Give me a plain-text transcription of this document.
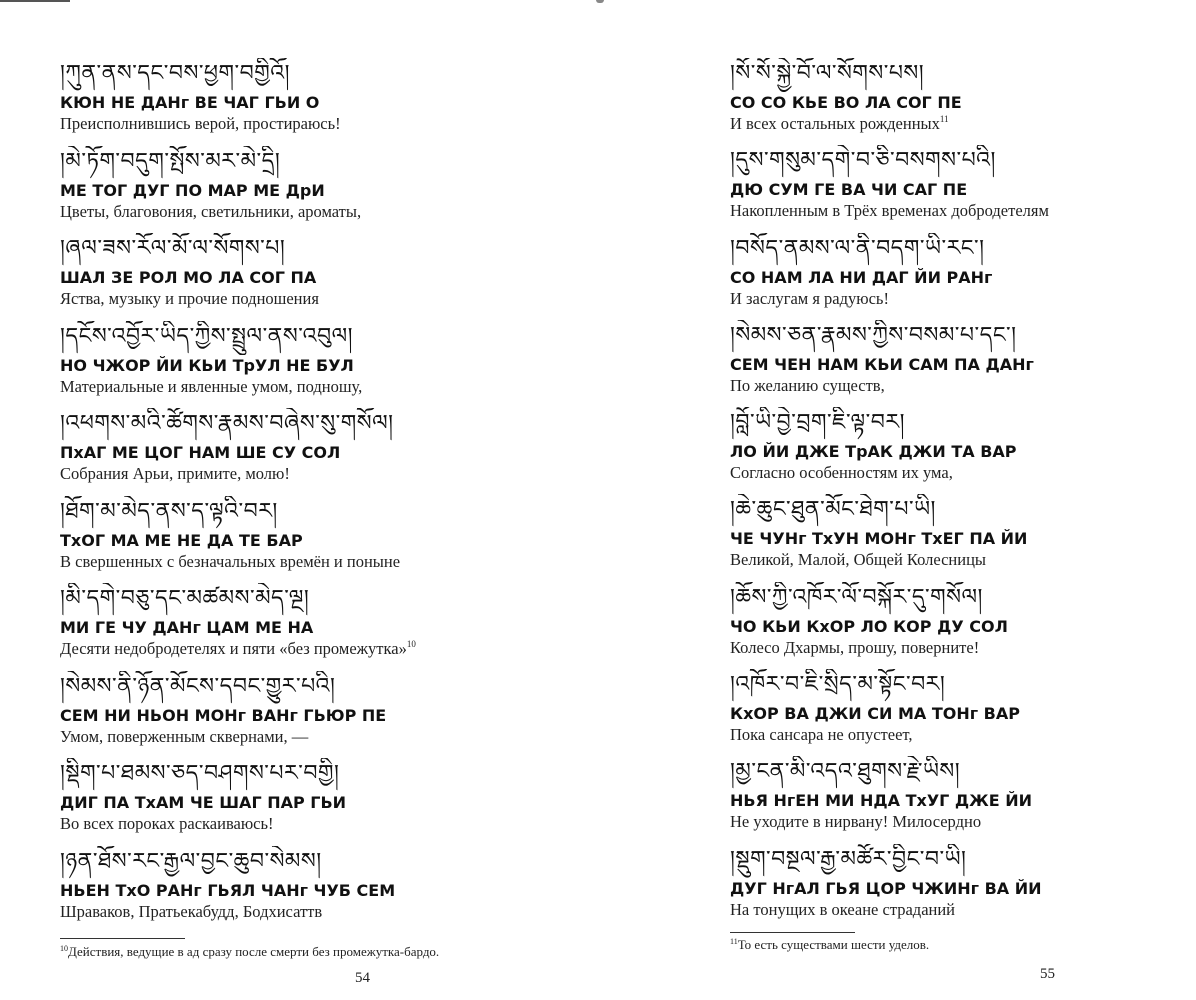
།ཀུན་ནས་དང་བས་ཕྱག་བགྱིའོ།
КЮН НЕ ДАНг ВЕ ЧАГ ГЬИ О
Преисполнившись верой, простираюсь!
།མེ་ཏོག་བདུག་སྤོས་མར་མེ་དྲི།
МЕ ТОГ ДУГ ПО МАР МЕ ДрИ
Цветы, благовония, светильники, ароматы,
།ཞལ་ཟས་རོལ་མོ་ལ་སོགས་པ།
ШАЛ ЗЕ РОЛ МО ЛА СОГ ПА
Яства, музыку и прочие подношения
།དངོས་འབྱོར་ཡིད་ཀྱིས་སྤྲུལ་ནས་འབུལ།
НО ЧЖОР ЙИ КЬИ ТрУЛ НЕ БУЛ
Материальные и явленные умом, подношу,
།འཕགས་མའི་ཚོགས་རྣམས་བཞེས་སུ་གསོལ།
ПхАГ МЕ ЦОГ НАМ ШЕ СУ СОЛ
Собрания Арьи, примите, молю!
།ཐོག་མ་མེད་ནས་ད་ལྟའི་བར།
ТхОГ МА МЕ НЕ ДА ТЕ БАР
В свершенных с безначальных времён и поныне
།མི་དགེ་བཅུ་དང་མཚམས་མེད་ལྔ།
МИ ГЕ ЧУ ДАНг ЦАМ МЕ НА
Десяти недобродетелях и пяти «без промежутка»$^{10}$
།སེམས་ནི་ཉོན་མོངས་དབང་གྱུར་པའི།
СЕМ НИ НЬОН МОНг ВАНг ГЬЮР ПЕ
Умом, поверженным сквернами, —
།སྡིག་པ་ཐམས་ཅད་བཤགས་པར་བགྱི།
ДИГ ПА ТхАМ ЧЕ ШАГ ПАР ГЬИ
Во всех пороках раскаиваюсь!
།ཉན་ཐོས་རང་རྒྱལ་བྱང་ཆུབ་སེམས།
НЬЕН ТхО РАНг ГЬЯЛ ЧАНг ЧУБ СЕМ
Шраваков, Пратьекабудд, Бодхисаттв
།སོ་སོ་སྐྱེ་བོ་ལ་སོགས་པས།
СО СО КЬЕ ВО ЛА СОГ ПЕ
И всех остальных рожденных$^{11}$
།དུས་གསུམ་དགེ་བ་ཅི་བསགས་པའི།
ДЮ СУМ ГЕ ВА ЧИ САГ ПЕ
Накопленным в Трёх временах добродетелям
།བསོད་ནམས་ལ་ནི་བདག་ཡི་རང་།
СО НАМ ЛА НИ ДАГ ЙИ РАНг
И заслугам я радуюсь!
།སེམས་ཅན་རྣམས་ཀྱིས་བསམ་པ་དང་།
СЕМ ЧЕН НАМ КЬИ САМ ПА ДАНг
По желанию существ,
།བློ་ཡི་བྱེ་བྲག་ཇི་ལྟ་བར།
ЛО ЙИ ДЖЕ ТрАК ДЖИ ТА ВАР
Согласно особенностям их ума,
།ཆེ་ཆུང་ཐུན་མོང་ཐེག་པ་ཡི།
ЧЕ ЧУНг ТхУН МОНг ТхЕГ ПА ЙИ
Великой, Малой, Общей Колесницы
།ཆོས་ཀྱི་འཁོར་ལོ་བསྐོར་དུ་གསོལ།
ЧО КЬИ КхОР ЛО КОР ДУ СОЛ
Колесо Дхармы, прошу, поверните!
།འཁོར་བ་ཇི་སྲིད་མ་སྟོང་བར།
КхОР ВА ДЖИ СИ МА ТОНг ВАР
Пока сансара не опустеет,
།མྱ་ངན་མི་འདའ་ཐུགས་རྗེ་ཡིས།
НЬЯ НгЕН МИ НДА ТхУГ ДЖЕ ЙИ
Не уходите в нирвану! Милосердно
།སྡུག་བསྔལ་རྒྱ་མཚོར་བྱིང་བ་ཡི།
ДУГ НгАЛ ГЬЯ ЦОР ЧЖИНг ВА ЙИ
На тонущих в океане страданий
$^{10}$Действия, ведущие в ад сразу после смерти без промежутка-бардо.
54
$^{11}$То есть существами шести уделов.
55
